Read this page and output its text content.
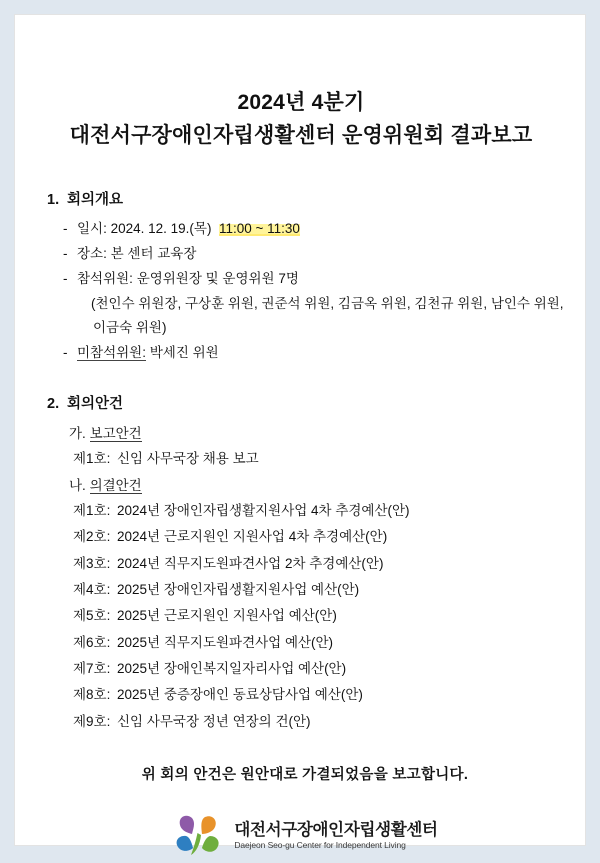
2024년 4분기
대전서구장애인자립생활센터 운영위원회 결과보고
1. 회의개요
- 일시: 2024. 12. 19.(목) 11:00 ~ 11:30
- 장소: 본 센터 교육장
- 참석위원: 운영위원장 및 운영위원 7명
(천인수 위원장, 구상훈 위원, 권준석 위원, 김금옥 위원, 김천규 위원, 남인수 위원,
이금숙 위원)
- 미참석위원: 박세진 위원
2. 회의안건
가. 보고안건
제1호: 신임 사무국장 채용 보고
나. 의결안건
제1호: 2024년 장애인자립생활지원사업 4차 추경예산(안)
제2호: 2024년 근로지원인 지원사업 4차 추경예산(안)
제3호: 2024년 직무지도원파견사업 2차 추경예산(안)
제4호: 2025년 장애인자립생활지원사업 예산(안)
제5호: 2025년 근로지원인 지원사업 예산(안)
제6호: 2025년 직무지도원파견사업 예산(안)
제7호: 2025년 장애인복지일자리사업 예산(안)
제8호: 2025년 중증장애인 동료상담사업 예산(안)
제9호: 신임 사무국장 정년 연장의 건(안)
위 회의 안건은 원안대로 가결되었음을 보고합니다.
대전서구장애인자립생활센터
Daejeon Seo-gu Center for Independent Living
